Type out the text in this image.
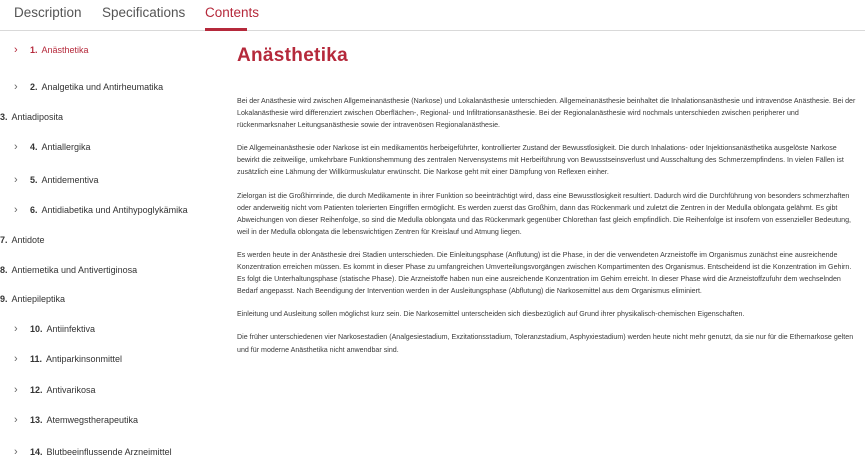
Description Specifications Contents
›	1. Anästhetika
›	2. Analgetika und Antirheumatika
3. Antiadiposita
›	4. Antiallergika
›	5. Antidementiva
›	6. Antidiabetika und Antihypoglykämika
7. Antidote
8. Antiemetika und Antivertiginosa
9. Antiepileptika
›	10. Antiinfektiva
›	11. Antiparkinsonmittel
›	12. Antivarikosa
›	13. Atemwegstherapeutika
›	14. Blutbeeinflussende Arzneimittel
Anästhetika

Bei der Anästhesie wird zwischen Allgemeinanästhesie (Narkose) und Lokalanästhesie unterschieden. Allgemeinanästhesie beinhaltet die Inhalationsanästhesie und intravenöse Anästhesie. Bei der Lokalanästhesie wird differenziert zwischen Oberflächen-, Regional- und Infiltrationsanästhesie. Bei der Regionalanästhesie wird nochmals unterschieden zwischen peripherer und rückenmarksnaher Leitungsanästhesie sowie der intravenösen Regionalanästhesie.

Die Allgemeinanästhesie oder Narkose ist ein medikamentös herbeigeführter, kontrollierter Zustand der Bewusstlosigkeit. Die durch Inhalations- oder Injektionsanästhetika ausgelöste Narkose bewirkt die zeitweilige, umkehrbare Funktionshemmung des zentralen Nervensystems mit Herbeiführung von Bewusstseinsverlust und Ausschaltung des Schmerzempfindens. In vielen Fällen ist zusätzlich eine Lähmung der Willkürmuskulatur erwünscht. Die Narkose geht mit einer Dämpfung von Reflexen einher.

Zielorgan ist die Großhirnrinde, die durch Medikamente in ihrer Funktion so beeinträchtigt wird, dass eine Bewusstlosigkeit resultiert. Dadurch wird die Durchführung von besonders schmerzhaften oder anderweitig nicht vom Patienten tolerierten Eingriffen ermöglicht. Es werden zuerst das Großhirn, dann das Rückenmark und zuletzt die Zentren in der Medulla oblongata gelähmt. Es gibt Abweichungen von dieser Reihenfolge, so sind die Medulla oblongata und das Rückenmark gegenüber Chlorethan fast gleich empfindlich. Die Reihenfolge ist insofern von essenzieller Bedeutung, weil in der Medulla oblongata die lebenswichtigen Zentren für Kreislauf und Atmung liegen.

Es werden heute in der Anästhesie drei Stadien unterschieden. Die Einleitungsphase (Anflutung) ist die Phase, in der die verwendeten Arzneistoffe im Organismus zunächst eine ausreichende Konzentration erreichen müssen. Es kommt in dieser Phase zu umfangreichen Umverteilungsvorgängen zwischen Kompartimenten des Organismus. Entscheidend ist die Konzentration im Gehirn. Es folgt die Unterhaltungsphase (statische Phase). Die Arzneistoffe haben nun eine ausreichende Konzentration im Gehirn erreicht. In dieser Phase wird die Arzneistoffzufuhr dem wechselnden Bedarf angepasst. Nach Beendigung der Intervention werden in der Ausleitungsphase (Abflutung) die Narkosemittel aus dem Organismus eliminiert.

Einleitung und Ausleitung sollen möglichst kurz sein. Die Narkosemittel unterscheiden sich diesbezüglich auf Grund ihrer physikalisch-chemischen Eigenschaften.

Die früher unterschiedenen vier Narkosestadien (Analgesiestadium, Exzitationsstadium, Toleranzstadium, Asphyxiestadium) werden heute nicht mehr genutzt, da sie nur für die Ethernarkose gelten und für moderne Anästhetika nicht anwendbar sind.
